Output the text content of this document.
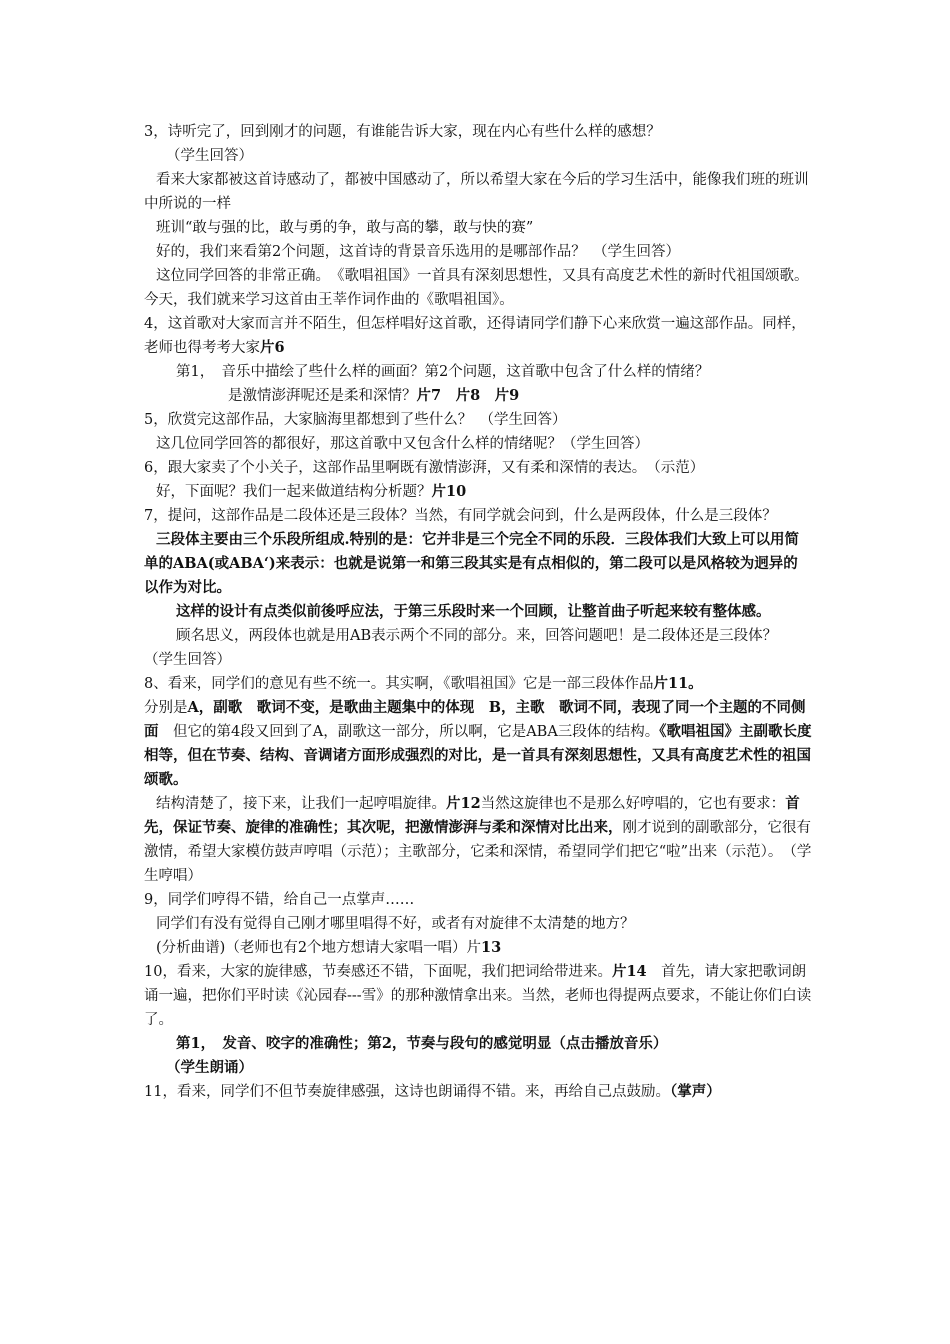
3，诗听完了，回到刚才的问题，有谁能告诉大家，现在内心有些什么样的感想？

（学生回答）

看来大家都被这首诗感动了，都被中国感动了，所以希望大家在今后的学习生活中，能像我们班的班训中所说的一样

班训“敢与强的比，敢与勇的争，敢与高的攀，敢与快的赛”

好的，我们来看第2个问题，这首诗的背景音乐选用的是哪部作品？　（学生回答）

这位同学回答的非常正确。　《歌唱祖国》一首具有深刻思想性，又具有高度艺术性的新时代祖国颂歌。今天，我们就来学习这首由王莘作词作曲的《歌唱祖国》。

4，这首歌对大家而言并不陌生，但怎样唱好这首歌，还得请同学们静下心来欣赏一遍这部作品。同样，老师也得考考大家片6

第1，　音乐中描绘了些什么样的画面？第2个问题，这首歌中包含了什么样的情绪？

是激情澎湃呢还是柔和深情？片7　片8　片9

5，欣赏完这部作品，大家脑海里都想到了些什么？　（学生回答）

这几位同学回答的都很好，那这首歌中又包含什么样的情绪呢？（学生回答）

6，跟大家卖了个小关子，这部作品里啊既有激情澎湃，又有柔和深情的表达。　（示范）

好，下面呢？我们一起来做道结构分析题？片10

7，提问，这部作品是二段体还是三段体？当然，有同学就会问到，什么是两段体，什么是三段体？

三段体主要由三个乐段所组成.特别的是：它并非是三个完全不同的乐段．三段体我们大致上可以用简单的ABA(或ABA‘)来表示：也就是说第一和第三段其实是有点相似的，第二段可以是风格较为迥异的以作为对比。

这样的设计有点类似前後呼应法，于第三乐段时来一个回顾，让整首曲子听起来较有整体感。

顾名思义，两段体也就是用AB表示两个不同的部分。来，回答问题吧！是二段体还是三段体？　（学生回答）

8、看来，同学们的意见有些不统一。其实啊，《歌唱祖国》它是一部三段体作品片11。

分别是A，副歌　歌词不变，是歌曲主题集中的体现　B，主歌　歌词不同，表现了同一个主题的不同侧面　但它的第4段又回到了A，副歌这一部分，所以啊，它是ABA三段体的结构。《歌唱祖国》主副歌长度相等，但在节奏、结构、音调诸方面形成强烈的对比，是一首具有深刻思想性，又具有高度艺术性的祖国颂歌。

结构清楚了，接下来，让我们一起哼唱旋律。片12当然这旋律也不是那么好哼唱的，它也有要求：首先，保证节奏、旋律的准确性；其次呢，把激情澎湃与柔和深情对比出来，刚才说到的副歌部分，它很有激情，希望大家模仿鼓声哼唱（示范）；主歌部分，它柔和深情，希望同学们把它“啦”出来（示范）。　（学生哼唱）

9，同学们哼得不错，给自己一点掌声……

同学们有没有觉得自己刚才哪里唱得不好，或者有对旋律不太清楚的地方？

(分析曲谱)（老师也有2个地方想请大家唱一唱）片13

10，看来，大家的旋律感，节奏感还不错，下面呢，我们把词给带进来。片14　首先，请大家把歌词朗诵一遍，把你们平时读《沁园春---雪》的那种激情拿出来。当然，老师也得提两点要求，不能让你们白读了。

第1，　发音、咬字的准确性；第2，节奏与段句的感觉明显（点击播放音乐）

（学生朗诵）

11，看来，同学们不但节奏旋律感强，这诗也朗诵得不错。来，再给自己点鼓励。（掌声）
